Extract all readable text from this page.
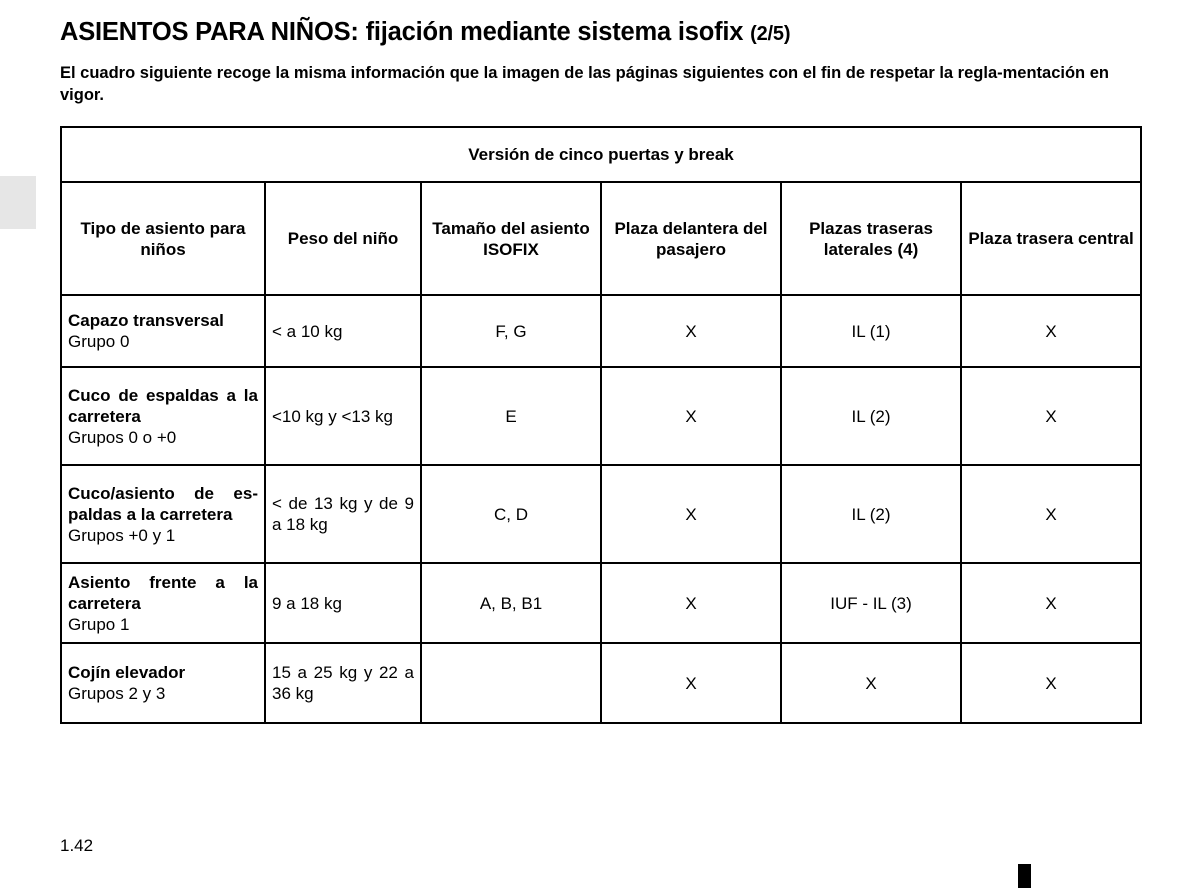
ASIENTOS PARA NIÑOS: fijación mediante sistema isofix (2/5)

El cuadro siguiente recoge la misma información que la imagen de las páginas siguientes con el fin de respetar la regla-mentación en vigor.

Versión de cinco puertas y break					
Tipo de asiento para niños	Peso del niño	Tamaño del asiento ISOFIX	Plaza delantera del pasajero	Plazas traseras laterales (4)	Plaza trasera central

Capazo transversal
Grupo 0	< a 10 kg	F, G	X	IL (1)	X

Cuco de espaldas a la carretera
Grupos 0 o +0	<10 kg y <13 kg	E	X	IL (2)	X

Cuco/asiento de es-paldas a la carretera
Grupos +0 y 1	< de 13 kg y de 9 a 18 kg	C, D	X	IL (2)	X

Asiento frente a la carretera
Grupo 1	9 a 18 kg	A, B, B1	X	IUF - IL (3)	X

Cojín elevador
Grupos 2 y 3	15 a 25 kg y 22 a 36 kg		X	X	X

1.42
